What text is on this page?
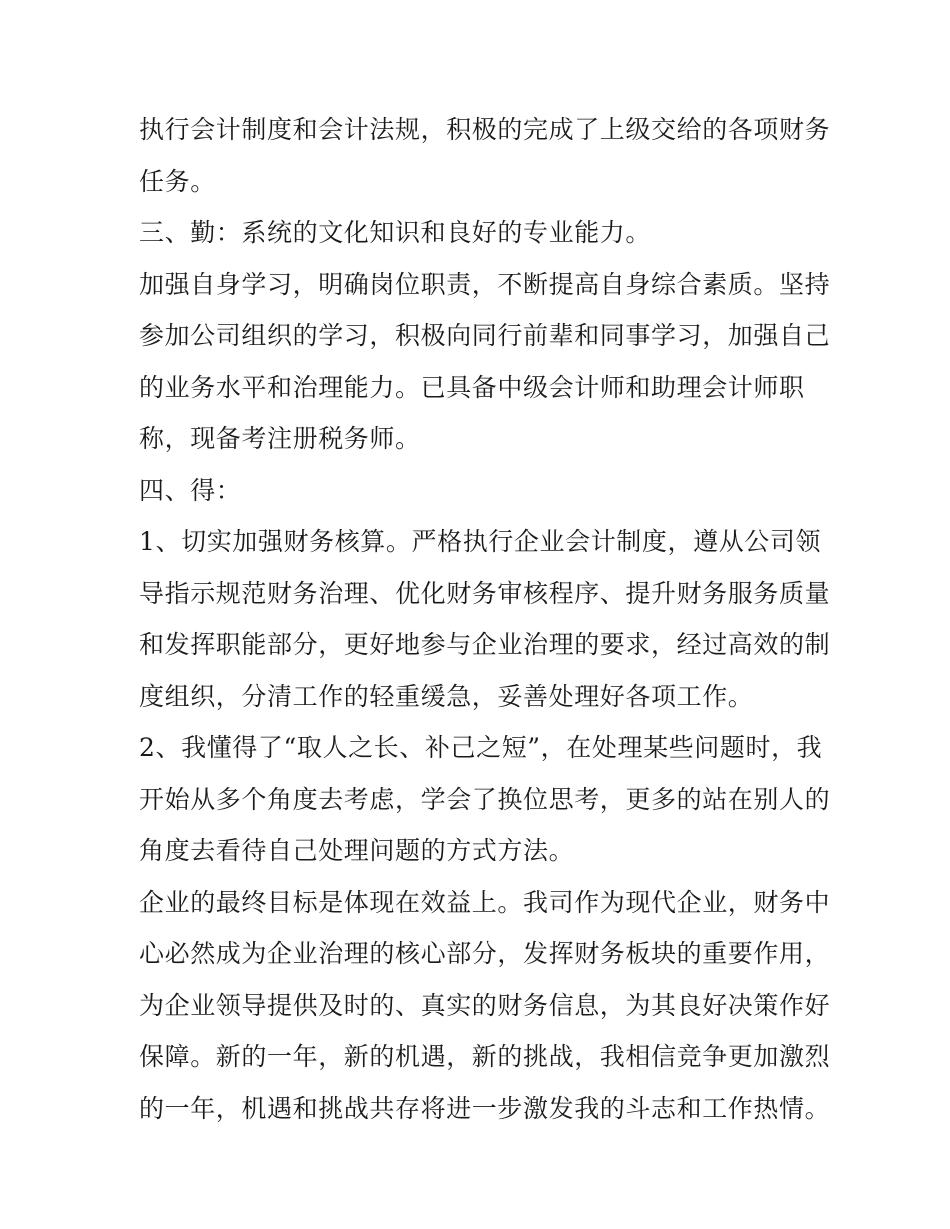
执行会计制度和会计法规，积极的完成了上级交给的各项财务
任务。
三、勤：系统的文化知识和良好的专业能力。
加强自身学习，明确岗位职责，不断提高自身综合素质。坚持
参加公司组织的学习，积极向同行前辈和同事学习，加强自己
的业务水平和治理能力。已具备中级会计师和助理会计师职
称，现备考注册税务师。
四、得：
1、切实加强财务核算。严格执行企业会计制度，遵从公司领
导指示规范财务治理、优化财务审核程序、提升财务服务质量
和发挥职能部分，更好地参与企业治理的要求，经过高效的制
度组织，分清工作的轻重缓急，妥善处理好各项工作。
2、我懂得了“取人之长、补己之短”，在处理某些问题时，我
开始从多个角度去考虑，学会了换位思考，更多的站在别人的
角度去看待自己处理问题的方式方法。
企业的最终目标是体现在效益上。我司作为现代企业，财务中
心必然成为企业治理的核心部分，发挥财务板块的重要作用，
为企业领导提供及时的、真实的财务信息，为其良好决策作好
保障。新的一年，新的机遇，新的挑战，我相信竞争更加激烈
的一年，机遇和挑战共存将进一步激发我的斗志和工作热情。
